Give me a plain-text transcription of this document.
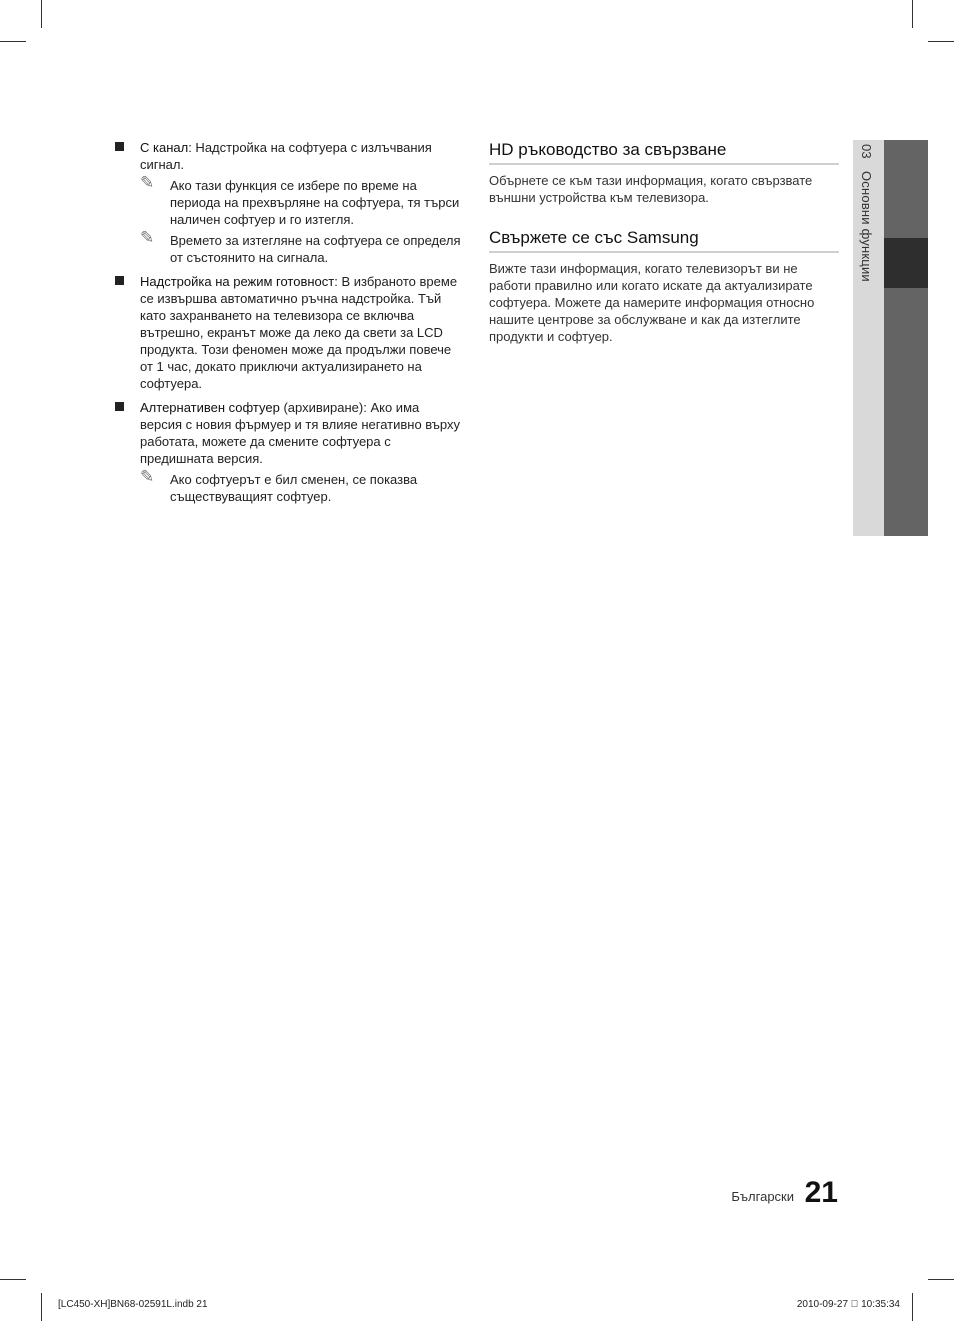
С канал: Надстройка на софтуера с излъчвания сигнал.
✎ Ако тази функция се избере по време на периода на прехвърляне на софтуера, тя търси наличен софтуер и го изтегля.
✎ Времето за изтегляне на софтуера се определя от състоянито на сигнала.
Надстройка на режим готовност: В избраното време се извършва автоматично ръчна надстройка. Тъй като захранването на телевизора се включва вътрешно, екранът може да леко да свети за LCD продукта. Този феномен може да продължи повече от 1 час, докато приключи актуализирането на софтуера.
Алтернативен софтуер (архивиране): Ако има версия с новия фърмуер и тя влияе негативно върху работата, можете да смените софтуера с предишната версия.
✎ Ако софтуерът е бил сменен, се показва съществуващият софтуер.
HD ръководство за свързване
Обърнете се към тази информация, когато свързвате външни устройства към телевизора.
Свържете се със Samsung
Вижте тази информация, когато телевизорът ви не работи правилно или когато искате да актуализирате софтуера. Можете да намерите информация относно нашите центрове за обслужване и как да изтеглите продукти и софтуер.
03 Основни функции
Български 21
[LC450-XH]BN68-02591L.indb 21	2010-09-27 ⃞ 10:35:34
